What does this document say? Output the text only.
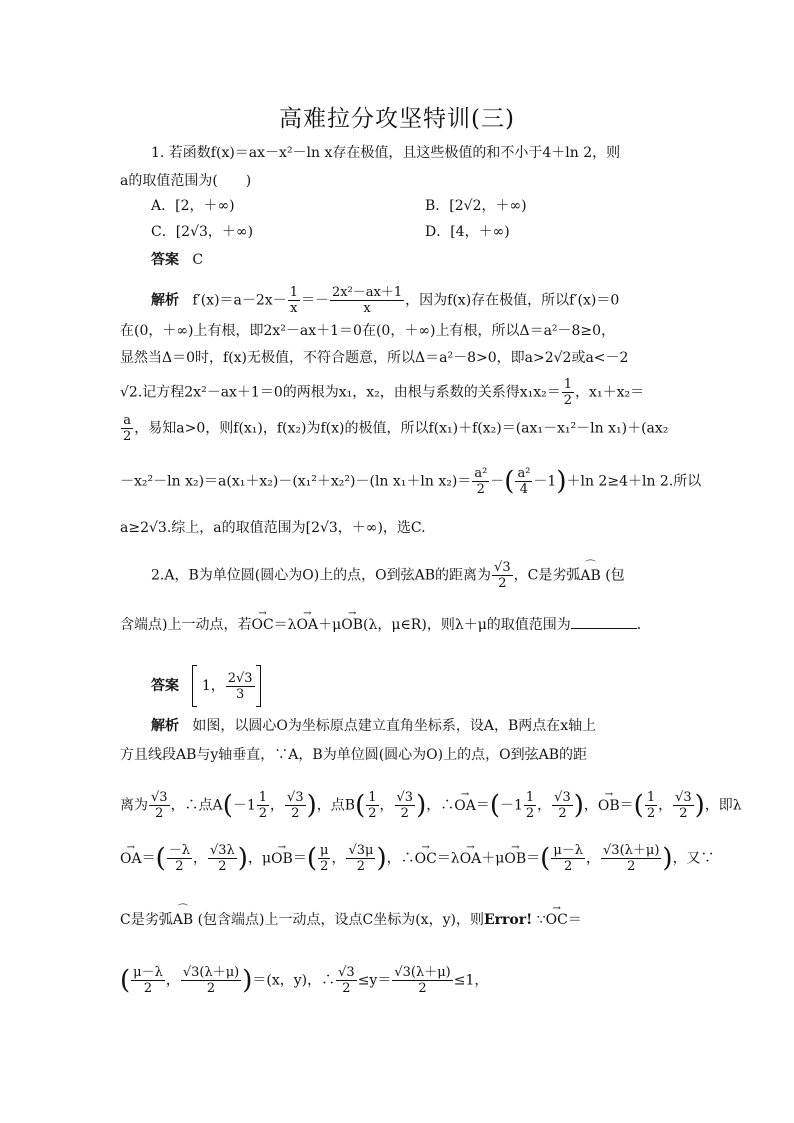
高难拉分攻坚特训(三)
1. 若函数f(x)＝ax－x²－ln x存在极值，且这些极值的和不小于4＋ln 2，则
a的取值范围为(　　)
A．[2，＋∞)	B．[2√2，＋∞)
C．[2√3，＋∞)	D．[4，＋∞)
答案 C
解析 $f'(x)=a-2x- \frac{1}{x} =- \frac{\text{2x²－ax＋1}}{x}$ ，因为f(x)存在极值，所以f′(x)＝0
在(0，＋∞)上有根，即2x²－ax＋1＝0在(0，＋∞)上有根，所以Δ＝a²－8≥0，
显然当Δ＝0时，f(x)无极值，不符合题意，所以Δ＝a²－8>0，即a>2√2或a<－2
√2.记方程2x²－ax＋1＝0的两根为x₁，x₂，由根与系数的关系得$x_1x_2= \frac{1}{2}$ ，x₁＋x₂＝
$\frac{a}{2}$ ，易知a>0，则f(x₁)，f(x₂)为f(x)的极值，所以f(x₁)＋f(x₂)＝(ax₁－x₁²－ln x₁)＋(ax₂
－x₂²－ln x₂)＝a(x₁＋x₂)－(x₁²＋x₂²)－(ln x₁＋ln $x_2)= \frac{\text{a²}}{2}$ －( $\frac{\text{a²}}{4} -1)+\ln$ 2≥4＋ln 2.所以
a≥2√3.综上，a的取值范围为[2√3，＋∞)，选C.
2.A，B为单位圆(圆心为O)上的点，O到弦AB的距离为 $\frac{√3}{2}$ ，C是劣弧⌒ AB (包
含端点)上一动点，若→ OC＝λ→ OA＋μ→ OB(λ，μ∈R)，则λ＋μ的取值范围为	.
答案 1， $\frac{2√3}{3}$
解析 如图，以圆心O为坐标原点建立直角坐标系，设A，B两点在x轴上
方且线段AB与y轴垂直，∵A，B为单位圆(圆心为O)上的点，O到弦AB的距
离为 $\frac{√3}{2}$ ，∴点$A(-1 \frac{1}{2}$ ， $\frac{√3}{2}$ )，点$B( \frac{1}{2}$ ， $\frac{√3}{2}$ )，∴→ $OA=(-1 \frac{1}{2}$ ， $\frac{√3}{2}$ )，→ $OB=( \frac{1}{2}$ ， $\frac{√3}{2}$ )，即λ
→ $OA=( \frac{-\lambda}{2}$ ， $\frac{√3\lambda}{2}$ )，$\mu\to OB=( \frac{\mu}{2}$ ， $\frac{√3\mu}{2}$ )，∴→ $OC=\lambda\to OA+\mu\to OB=( \frac{\mu-\lambda}{2}$ ， $\frac{√3(\lambda+\mu)}{2}$ )，又∵
C是劣弧⌒ AB (包含端点)上一动点，设点C坐标为(x，y)，则Error! ∵→ OC＝
( $\frac{\mu-\lambda}{2}$ ， $\frac{√3(\lambda+\mu)}{2} )=(x$，y)，∴ $\frac{√3}{2} \le y= \frac{√3(\lambda+\mu)}{2} \le 1$，
